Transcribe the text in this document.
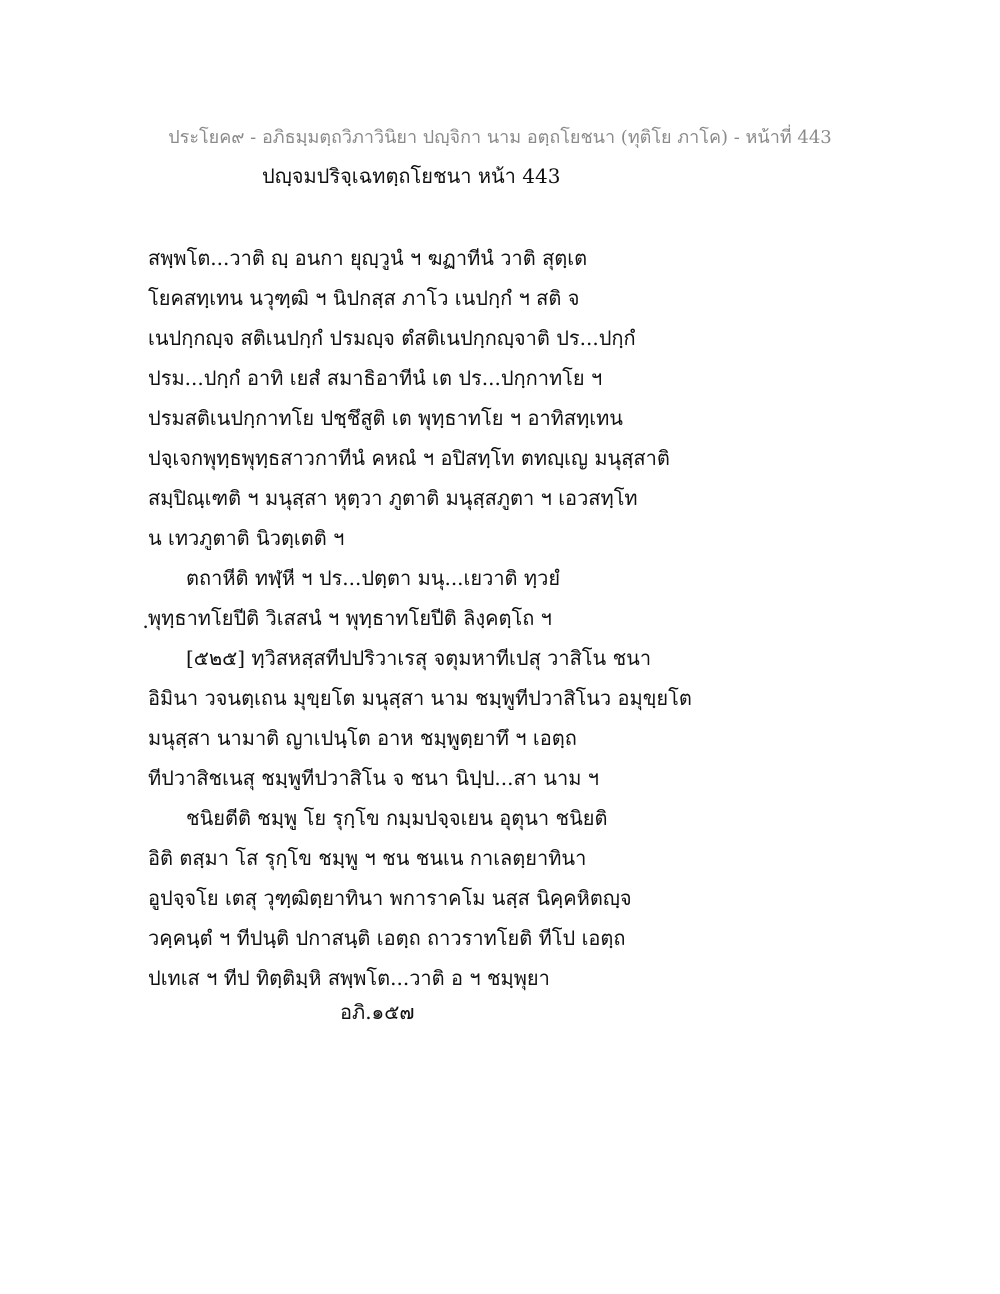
ประโยค๙ - อภิธมฺมตฺถวิภาวินิยา ปญฺจิกา นาม อตฺถโยชนา (ทุติโย ภาโค) - หน้าที่ 443
ปญฺจมปริจฺเฉทตฺถโยชนา หน้า 443
สพฺพโต...วาติ ญฺ อนกา ยุญฺวูนํ ฯ ฆฏาทีนํ วาติ สุตฺเต
โยคสทฺเทน นวุฑฺฒิ ฯ นิปกสฺส ภาโว เนปกฺกํ ฯ สติ จ
เนปกฺกญฺจ สติเนปกฺกํ ปรมญฺจ ตํสติเนปกฺกญฺจาติ ปร...ปกฺกํ
ปรม...ปกฺกํ อาทิ เยสํ สมาธิอาทีนํ เต ปร...ปกฺกาทโย ฯ
ปรมสติเนปกฺกาทโย ปชฺชึสูติ เต พุทฺธาทโย ฯ อาทิสทฺเทน
ปจฺเจกพุทฺธพุทฺธสาวกาทีนํ คหณํ ฯ อปิสทฺโท ตทญฺเญ มนุสฺสาติ
สมฺปิณฺเฑติ ฯ มนุสฺสา หุตฺวา ภูตาติ มนุสฺสภูตา ฯ เอวสทฺโท
น เทวภูตาติ นิวตฺเตติ ฯ
ตถาหีติ ทฬฺหี ฯ ปร...ปตฺตา มนุ...เยวาติ ทฺวยํ
ฺพุทฺธาทโยปีติ วิเสสนํ ฯ พุทฺธาทโยปีติ ลิงฺคตฺโถ ฯ
[๕๒๕] ทฺวิสหสฺสทีปปริวาเรสุ จตุมหาทีเปสุ วาสิโน ชนา
อิมินา วจนตฺเถน มุขฺยโต มนุสฺสา นาม ชมฺพูทีปวาสิโนว อมุขฺยโต
มนุสฺสา นามาติ ญาเปนฺโต อาห ชมฺพูตฺยาทึ ฯ เอตฺถ
ทีปวาสิชเนสุ ชมฺพูทีปวาสิโน จ ชนา นิปฺป...สา นาม ฯ
ชนิยตีติ ชมฺพู โย รุกฺโข กมฺมปจฺจเยน อุตุนา ชนิยติ
อิติ ตสฺมา โส รุกฺโข ชมฺพู ฯ ชน ชนเน กาเลตฺยาทินา
อูปจฺจโย เตสุ วุฑฺฒิตฺยาทินา พการาคโม นสฺส นิคฺคหิตญฺจ
วคฺคนฺตํ ฯ ทีปนฺติ ปกาสนฺติ เอตฺถ ถาวราทโยติ ทีโป เอตฺถ
ปเทเส ฯ ทีป ทิตฺติมฺหิ สพฺพโต...วาติ อ ฯ ชมฺพุยา
อภิ.๑๕๗
